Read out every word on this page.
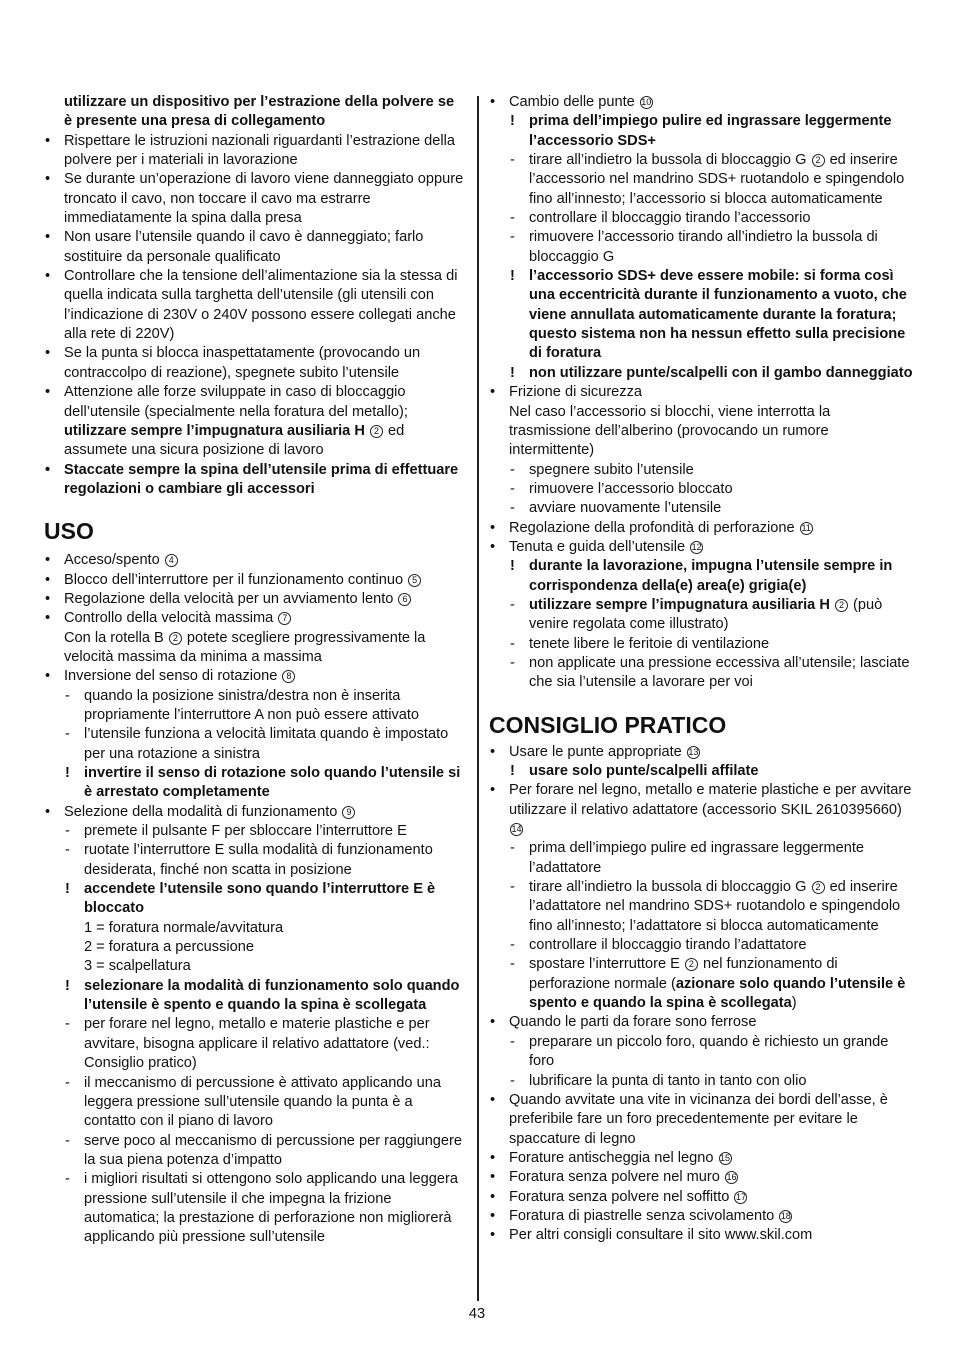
utilizzare un dispositivo per l’estrazione della polvere se è presente una presa di collegamento
• Rispettare le istruzioni nazionali riguardanti l’estrazione della polvere per i materiali in lavorazione
• Se durante un’operazione di lavoro viene danneggiato oppure troncato il cavo, non toccare il cavo ma estrarre immediatamente la spina dalla presa
• Non usare l’utensile quando il cavo è danneggiato; farlo sostituire da personale qualificato
• Controllare che la tensione dell’alimentazione sia la stessa di quella indicata sulla targhetta dell’utensile (gli utensili con l’indicazione di 230V o 240V possono essere collegati anche alla rete di 220V)
• Se la punta si blocca inaspettatamente (provocando un contraccolpo di reazione), spegnete subito l’utensile
• Attenzione alle forze sviluppate in caso di bloccaggio dell’utensile (specialmente nella foratura del metallo); utilizzare sempre l’impugnatura ausiliaria H 2 ed assumete una sicura posizione di lavoro
• Staccate sempre la spina dell’utensile prima di effettuare regolazioni o cambiare gli accessori
USO
• Acceso/spento 4
• Blocco dell’interruttore per il funzionamento continuo 5
• Regolazione della velocità per un avviamento lento 6
• Controllo della velocità massima 7
Con la rotella B 2 potete scegliere progressivamente la velocità massima da minima a massima
• Inversione del senso di rotazione 8
- quando la posizione sinistra/destra non è inserita propriamente l’interruttore A non può essere attivato
- l’utensile funziona a velocità limitata quando è impostato per una rotazione a sinistra
! invertire il senso di rotazione solo quando l’utensile si è arrestato completamente
• Selezione della modalità di funzionamento 9
- premete il pulsante F per sbloccare l’interruttore E
- ruotate l’interruttore E sulla modalità di funzionamento desiderata, finché non scatta in posizione
! accendete l’utensile sono quando l’interruttore E è bloccato
1 = foratura normale/avvitatura
2 = foratura a percussione
3 = scalpellatura
! selezionare la modalità di funzionamento solo quando l’utensile è spento e quando la spina è scollegata
- per forare nel legno, metallo e materie plastiche e per avvitare, bisogna applicare il relativo adattatore (ved.: Consiglio pratico)
- il meccanismo di percussione è attivato applicando una leggera pressione sull’utensile quando la punta è a contatto con il piano di lavoro
- serve poco al meccanismo di percussione per raggiungere la sua piena potenza d’impatto
- i migliori risultati si ottengono solo applicando una leggera pressione sull’utensile il che impegna la frizione automatica; la prestazione di perforazione non migliorerà applicando più pressione sull’utensile
• Cambio delle punte 10
! prima dell’impiego pulire ed ingrassare leggermente l’accessorio SDS+
- tirare all’indietro la bussola di bloccaggio G 2 ed inserire l’accessorio nel mandrino SDS+ ruotandolo e spingendolo fino all’innesto; l’accessorio si blocca automaticamente
- controllare il bloccaggio tirando l’accessorio
- rimuovere l’accessorio tirando all’indietro la bussola di bloccaggio G
! l’accessorio SDS+ deve essere mobile: si forma così una eccentricità durante il funzionamento a vuoto, che viene annullata automaticamente durante la foratura; questo sistema non ha nessun effetto sulla precisione di foratura
! non utilizzare punte/scalpelli con il gambo danneggiato
• Frizione di sicurezza
Nel caso l’accessorio si blocchi, viene interrotta la trasmissione dell’alberino (provocando un rumore intermittente)
- spegnere subito l’utensile
- rimuovere l’accessorio bloccato
- avviare nuovamente l’utensile
• Regolazione della profondità di perforazione 11
• Tenuta e guida dell’utensile 12
! durante la lavorazione, impugna l’utensile sempre in corrispondenza della(e) area(e) grigia(e)
- utilizzare sempre l’impugnatura ausiliaria H 2 (può venire regolata come illustrato)
- tenete libere le feritoie di ventilazione
- non applicate una pressione eccessiva all’utensile; lasciate che sia l’utensile a lavorare per voi
CONSIGLIO PRATICO
• Usare le punte appropriate 13
! usare solo punte/scalpelli affilate
• Per forare nel legno, metallo e materie plastiche e per avvitare utilizzare il relativo adattatore (accessorio SKIL 2610395660) 14
- prima dell’impiego pulire ed ingrassare leggermente l’adattatore
- tirare all’indietro la bussola di bloccaggio G 2 ed inserire l’adattatore nel mandrino SDS+ ruotandolo e spingendolo fino all’innesto; l’adattatore si blocca automaticamente
- controllare il bloccaggio tirando l’adattatore
- spostare l’interruttore E 2 nel funzionamento di perforazione normale (azionare solo quando l’utensile è spento e quando la spina è scollegata)
• Quando le parti da forare sono ferrose
- preparare un piccolo foro, quando è richiesto un grande foro
- lubrificare la punta di tanto in tanto con olio
• Quando avvitate una vite in vicinanza dei bordi dell’asse, è preferibile fare un foro precedentemente per evitare le spaccature di legno
• Forature antischeggia nel legno 15
• Foratura senza polvere nel muro 16
• Foratura senza polvere nel soffitto 17
• Foratura di piastrelle senza scivolamento 18
• Per altri consigli consultare il sito www.skil.com
43
